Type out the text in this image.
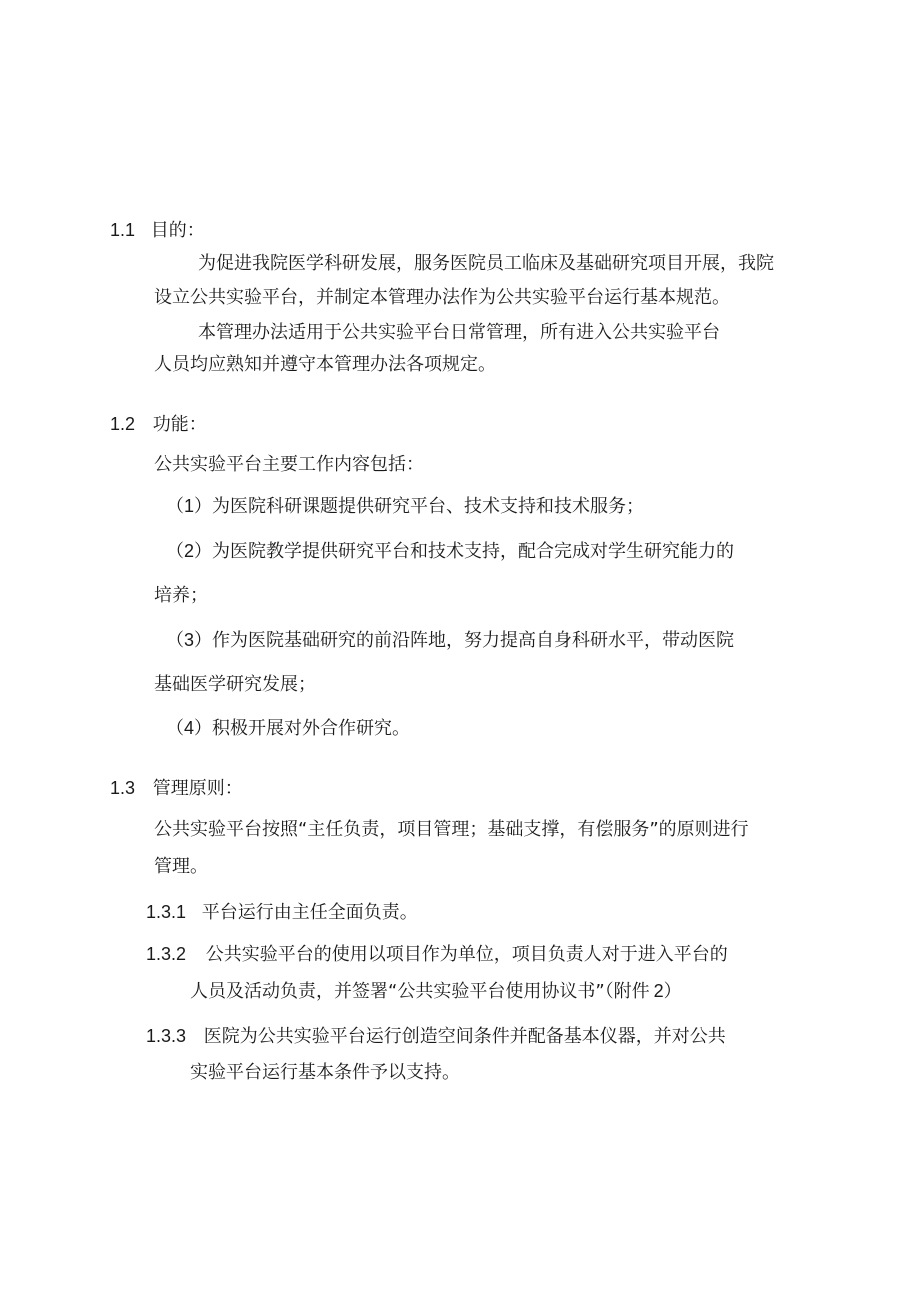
1.1 目的：
为促进我院医学科研发展，服务医院员工临床及基础研究项目开展，我院
设立公共实验平台，并制定本管理办法作为公共实验平台运行基本规范。
本管理办法适用于公共实验平台日常管理，所有进入公共实验平台
人员均应熟知并遵守本管理办法各项规定。
1.2 功能：
公共实验平台主要工作内容包括：
（1）为医院科研课题提供研究平台、技术支持和技术服务；
（2）为医院教学提供研究平台和技术支持，配合完成对学生研究能力的
培养；
（3）作为医院基础研究的前沿阵地，努力提高自身科研水平，带动医院
基础医学研究发展；
（4）积极开展对外合作研究。
1.3 管理原则：
公共实验平台按照“主任负责，项目管理；基础支撑，有偿服务”的原则进行
管理。
1.3.1 平台运行由主任全面负责。
1.3.2 公共实验平台的使用以项目作为单位，项目负责人对于进入平台的
人员及活动负责，并签署“公共实验平台使用协议书”（附件 2）
1.3.3 医院为公共实验平台运行创造空间条件并配备基本仪器，并对公共
实验平台运行基本条件予以支持。
